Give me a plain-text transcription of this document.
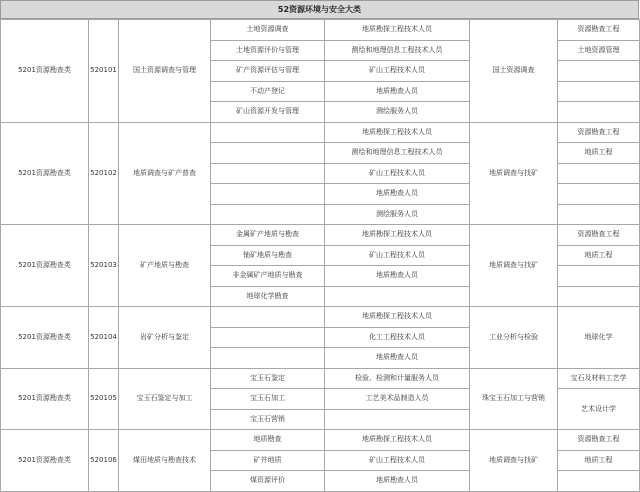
52资源环境与安全大类
5201资源勘查类	520101	国土资源调查与管理	土地资源调查	地质勘探工程技术人员	国土资源调查	资源勘查工程
			土地资源评价与管理	测绘和地理信息工程技术人员		土地资源管理
			矿产资源评估与管理	矿山工程技术人员		
			不动产登记	地质勘查人员		
			矿山资源开发与管理	测绘服务人员		
5201资源勘查类	520102	地质调查与矿产普查		地质勘探工程技术人员	地质调查与找矿	资源勘查工程
				测绘和地理信息工程技术人员		地质工程
				矿山工程技术人员		
				地质勘查人员		
				测绘服务人员		
5201资源勘查类	520103	矿产地质与勘查	金属矿产地质与勘查	地质勘探工程技术人员	地质调查与找矿	资源勘查工程
			铀矿地质与勘查	矿山工程技术人员		地质工程
			非金属矿产地质与勘查	地质勘查人员		
			地球化学勘查			
5201资源勘查类	520104	岩矿分析与鉴定		地质勘探工程技术人员	工业分析与检验	地球化学
				化工工程技术人员		
				地质勘查人员		
5201资源勘查类	520105	宝玉石鉴定与加工	宝玉石鉴定	检验、检测和计量服务人员	珠宝玉石加工与营销	宝石及材料工艺学
			宝玉石加工	工艺美术品制造人员		艺术设计学
			宝玉石营销			
5201资源勘查类	520106	煤田地质与勘查技术	地质勘查	地质勘探工程技术人员	地质调查与找矿	资源勘查工程
			矿井地质	矿山工程技术人员		地质工程
			煤资源评价	地质勘查人员		
